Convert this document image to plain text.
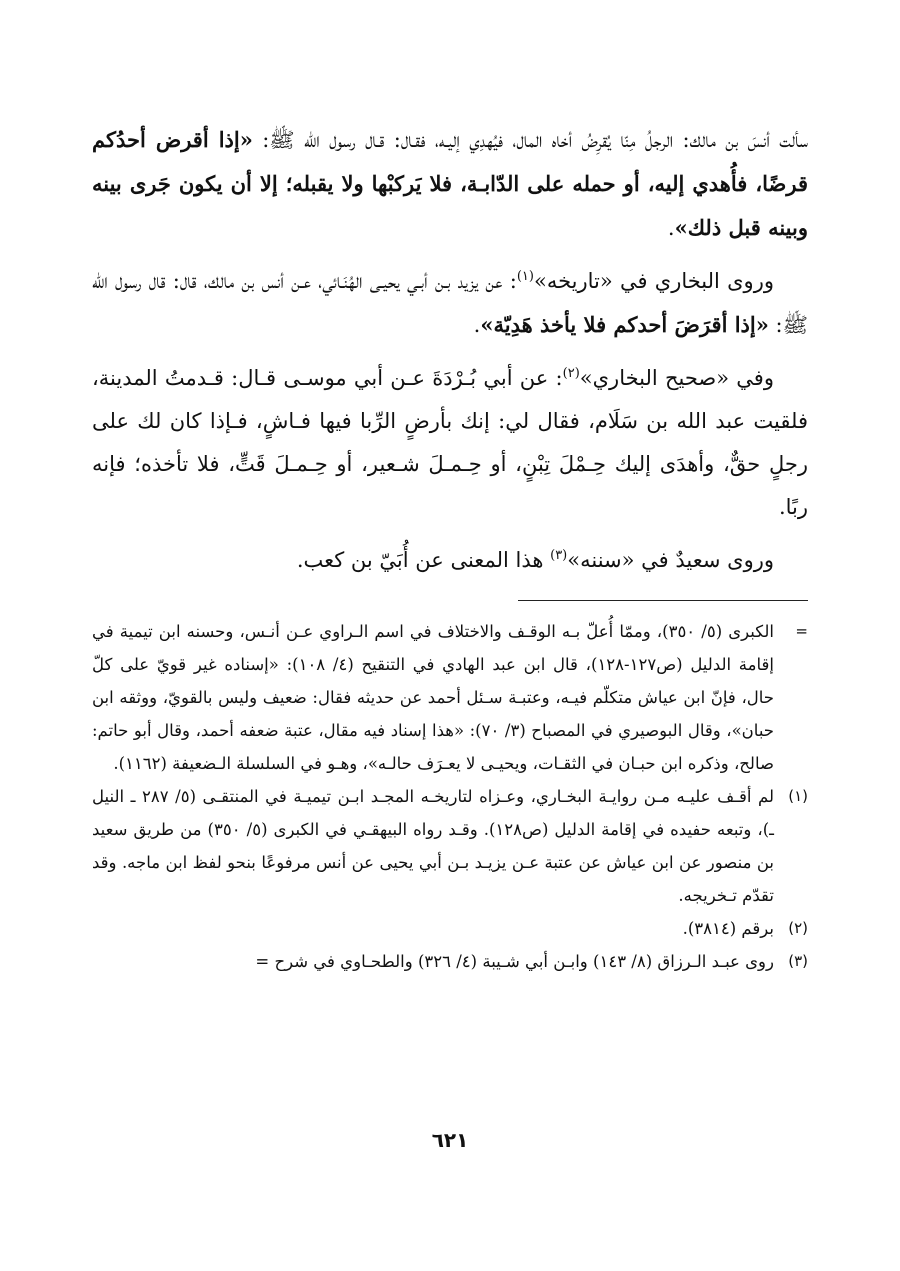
سألت أنسَ بن مالك: الرجلُ مِنّا يُقرِضُ أخاه المال، فيُهدِي إليـه، فقـال: قـال رسول الله ﷺ: «إذا أقرض أحدُكم قرضًا، فأُهدي إليه، أو حمله على الدّابـة، فلا يَركبْها ولا يقبله؛ إلا أن يكون جَرى بينه وبينه قبل ذلك».

وروى البخاري في «تاريخه»$^{(١)}$: عن يزيد بـن أبـي يحيـى الهُنَـائي، عـن أنس بن مالك، قال: قال رسول الله ﷺ: «إذا أقرَضَ أحدكم فلا يأخذ هَدِيّة».

وفي «صحيح البخاري»$^{(٢)}$: عن أبي بُـرْدَةَ عـن أبي موسـى قـال: قـدمتُ المدينة، فلقيت عبد الله بن سَلَام، فقال لي: إنك بأرضٍ الرِّبا فيها فـاشٍ، فـإذا كان لك على رجلٍ حقٌّ، وأهدَى إليك حِـمْلَ تِبْنٍ، أو حِـمـلَ شـعير، أو حِـمـلَ قَتٍّ، فلا تأخذه؛ فإنه ربًا.

وروى سعيدٌ في «سننه»$^{(٣)}$ هذا المعنى عن أُبَيّ بن كعب.

=
الكبرى (٥/ ٣٥٠)، وممّا أُعلّ بـه الوقـف والاختلاف في اسم الـراوي عـن أنـس، وحسنه ابن تيمية في إقامة الدليل (ص١٢٧-١٢٨)، قال ابن عبد الهادي في التنقيح (٤/ ١٠٨): «إسناده غير قويّ على كلّ حال، فإنّ ابن عياش متكلّم فيـه، وعتبـة سـئل أحمد عن حديثه فقال: ضعيف وليس بالقويّ، ووثقه ابن حبان»، وقال البوصيري في المصباح (٣/ ٧٠): «هذا إسناد فيه مقال، عتبة ضعفه أحمد، وقال أبو حاتم: صالح، وذكره ابن حبـان في الثقـات، ويحيـى لا يعـرَف حالـه»، وهـو في السلسلة الـضعيفة (١١٦٢).
(١)
لم أقـف عليـه مـن روايـة البخـاري، وعـزاه لتاريخـه المجـد ابـن تيميـة في المنتقـى (٥/ ٢٨٧ ـ النيل ـ)، وتبعه حفيده في إقامة الدليل (ص١٢٨). وقـد رواه البيهقـي في الكبرى (٥/ ٣٥٠) من طريق سعيد بن منصور عن ابن عياش عن عتبة عـن يزيـد بـن أبي يحيى عن أنس مرفوعًا بنحو لفظ ابن ماجه. وقد تقدّم تـخريجه.
(٢)
برقم (٣٨١٤).
(٣)
روى عبـد الـرزاق (٨/ ١٤٣) وابـن أبي شـيبة (٤/ ٣٢٦) والطحـاوي في شرح =
٦٢١
